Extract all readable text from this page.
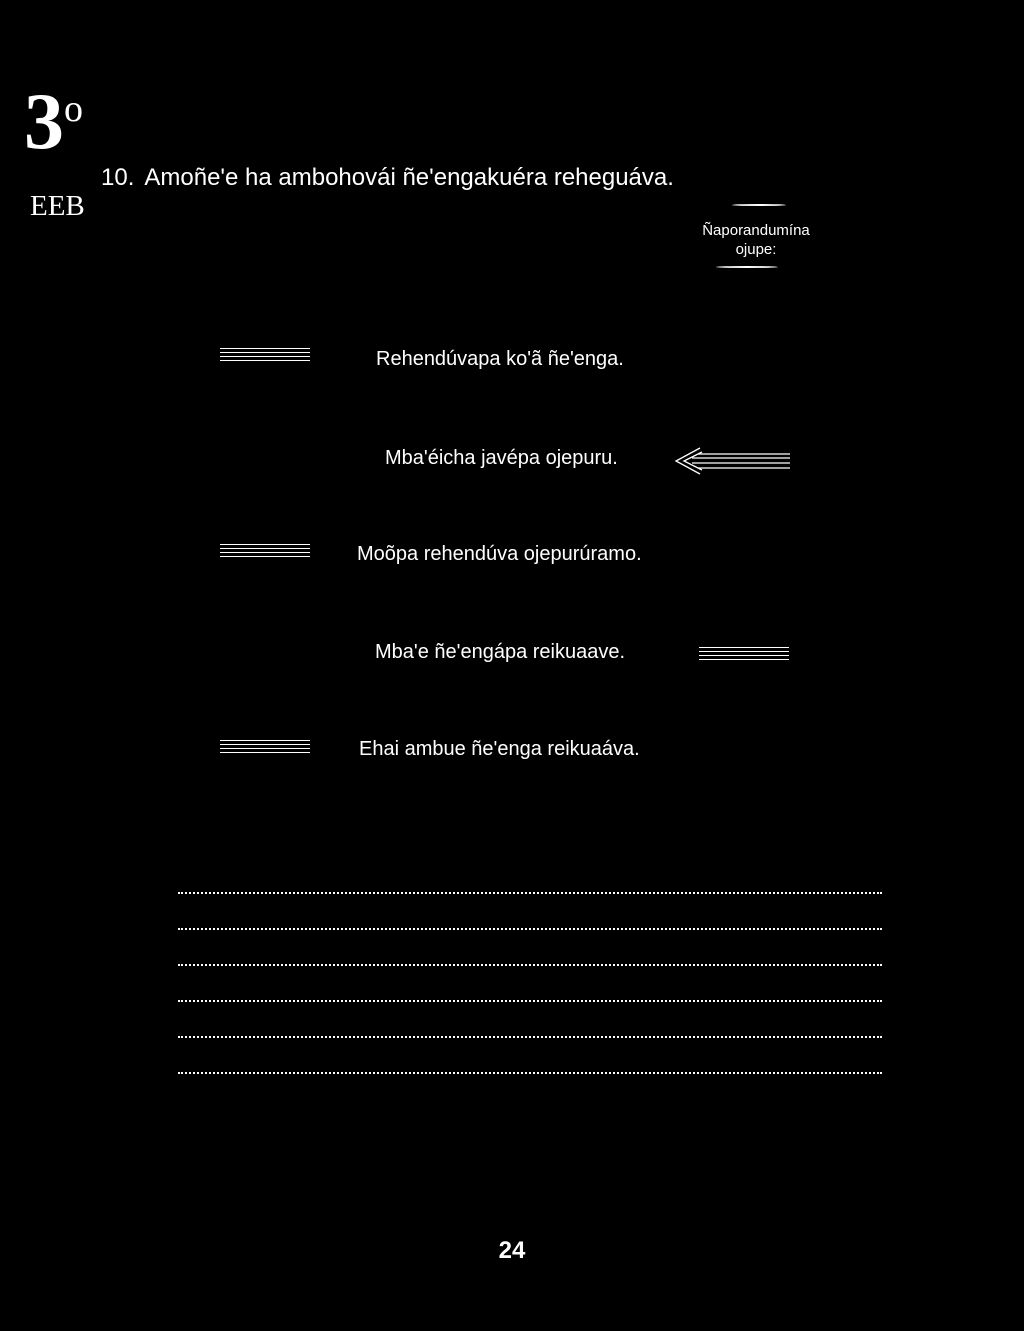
3o
EEB
10. Amoñe'e ha ambohovái ñe'engakuéra reheguáva.
Ñaporandumína
ojupe:
Rehendúvapa ko'ã ñe'enga.
Mba'éicha javépa ojepuru.
Moõpa rehendúva ojepurúramo.
Mba'e ñe'engápa reikuaave.
Ehai ambue ñe'enga reikuaáva.
24
